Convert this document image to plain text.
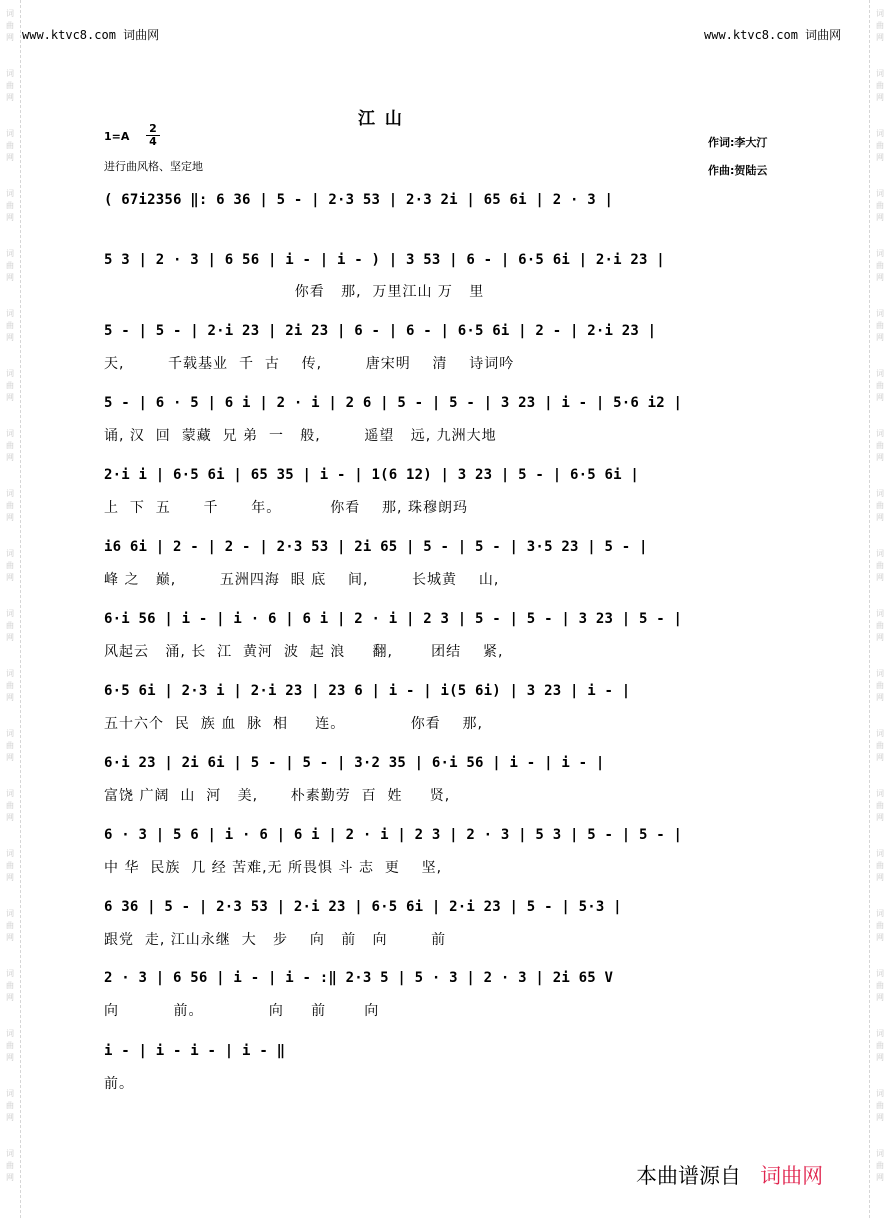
词
曲
网
词
曲
网
词
曲
网
词
曲
网
词
曲
网
词
曲
网
词
曲
网
词
曲
网
词
曲
网
词
曲
网
词
曲
网
词
曲
网
词
曲
网
词
曲
网
词
曲
网
词
曲
网
词
曲
网
词
曲
网
词
曲
网
词
曲
网
词
曲
网
词
曲
网
词
曲
网
词
曲
网
词
曲
网
词
曲
网
词
曲
网
词
曲
网
词
曲
网
词
曲
网
词
曲
网
词
曲
网
词
曲
网
词
曲
网
词
曲
网
词
曲
网
词
曲
网
词
曲
网
词
曲
网
词
曲
网
www.ktvc8.com 词曲网	www.ktvc8.com 词曲网
江 山
1=A
2
4
进行曲风格、坚定地
作词:李大汀
作曲:贺陆云
( 67i2356 ‖: 6 36 | 5 - | 2·3 53 | 2·3 2i | 65 6i | 2 · 3 |
5 3 | 2 · 3 | 6 56 | i - | i - ) | 3 53 | 6 - | 6·5 6i | 2·i 23 |
你看   那,  万里江山 万   里
5 - | 5 - | 2·i 23 | 2i 23 | 6 - | 6 - | 6·5 6i | 2 - | 2·i 23 |
天,        千载基业  千  古    传,        唐宋明    清    诗词吟
5 - | 6 · 5 | 6 i | 2 · i | 2 6 | 5 - | 5 - | 3 23 | i - | 5·6 i2 |
诵, 汉  回  蒙藏  兄 弟  一   般,        遥望   远, 九洲大地
2·i i | 6·5 6i | 65 35 | i - | 1(6 12) | 3 23 | 5 - | 6·5 6i |
上  下  五      千      年。         你看    那, 珠穆朗玛
i6 6i | 2 - | 2 - | 2·3 53 | 2i 65 | 5 - | 5 - | 3·5 23 | 5 - |
峰 之   巅,        五洲四海  眼 底    间,        长城黄    山,
6·i 56 | i - | i · 6 | 6 i | 2 · i | 2 3 | 5 - | 5 - | 3 23 | 5 - |
风起云   涌, 长  江  黄河  波  起 浪     翻,       团结    紧,
6·5 6i | 2·3 i | 2·i 23 | 23 6 | i - | i(5 6i) | 3 23 | i - |
五十六个  民  族 血  脉  相     连。            你看    那,
6·i 23 | 2i 6i | 5 - | 5 - | 3·2 35 | 6·i 56 | i - | i - |
富饶 广阔  山  河   美,      朴素勤劳  百  姓     贤,
6 · 3 | 5 6 | i · 6 | 6 i | 2 · i | 2 3 | 2 · 3 | 5 3 | 5 - | 5 - |
中 华  民族  几 经 苦难,无 所畏惧 斗 志  更    坚,
6 36 | 5 - | 2·3 53 | 2·i 23 | 6·5 6i | 2·i 23 | 5 - | 5·3 |
跟党  走, 江山永继  大   步    向   前   向        前
2 · 3 | 6 56 | i - | i - :‖ 2·3 5 | 5 · 3 | 2 · 3 | 2i 65 V
向          前。            向     前       向
i - | i - i - | i - ‖
前。
本曲谱源自 词曲网
